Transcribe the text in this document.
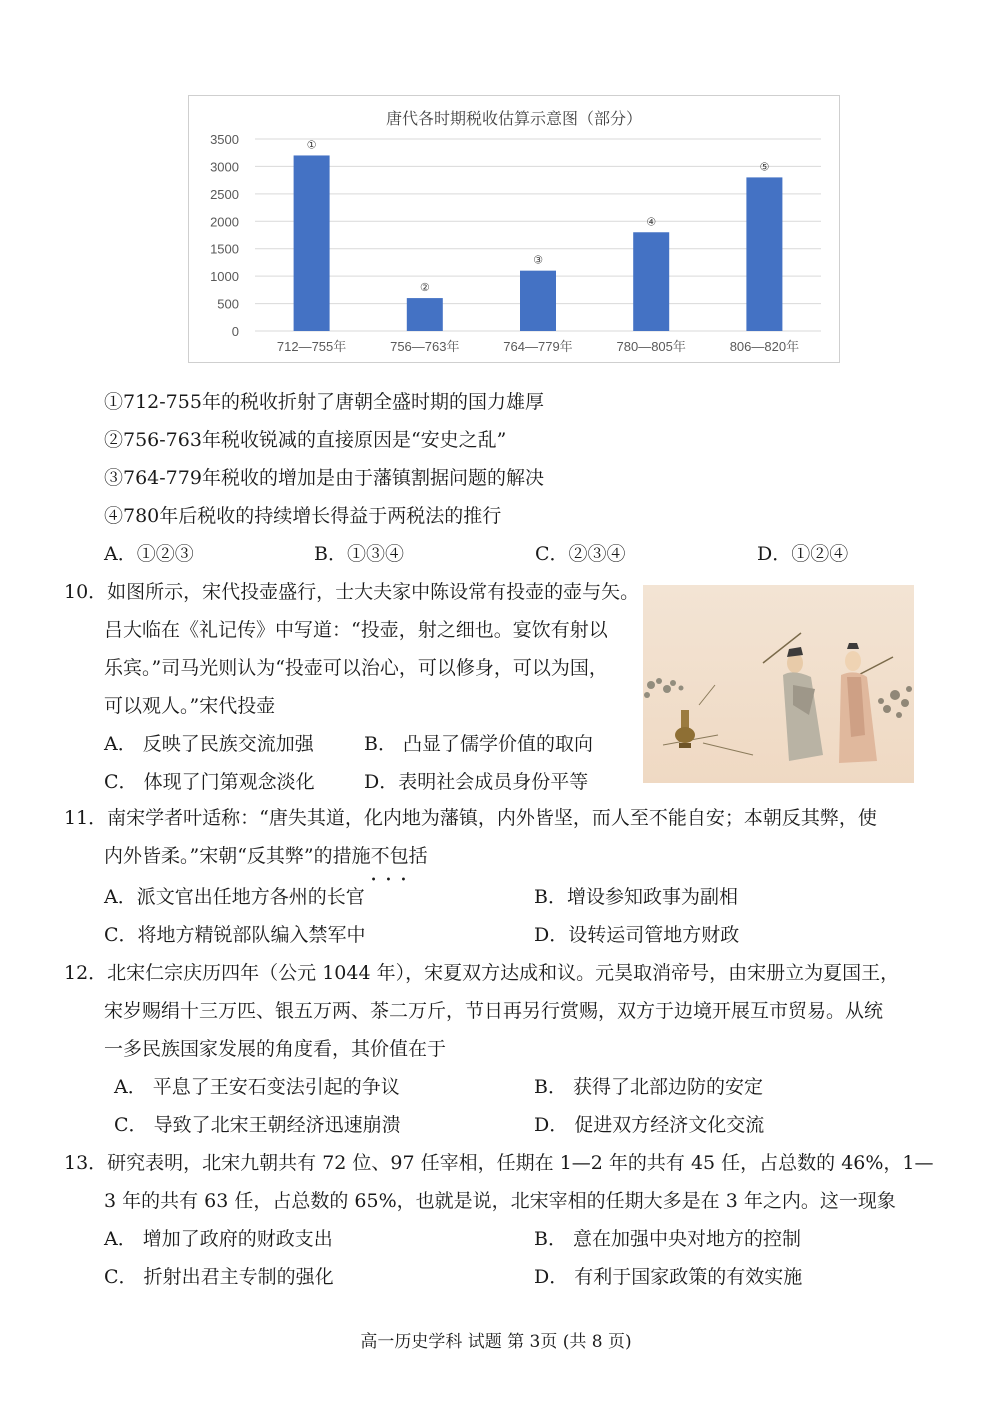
唐代各时期税收估算示意图（部分）
0
500
1000
1500
2000
2500
3000
3500
712—755年	756—763年	764—779年	780—805年	806—820年
①
②
③
④
⑤
①712-755年的税收折射了唐朝全盛时期的国力雄厚
②756-763年税收锐减的直接原因是“安史之乱”
③764-779年税收的增加是由于藩镇割据问题的解决
④780年后税收的持续增长得益于两税法的推行
A．①②③	B．①③④	C．②③④	D．①②④
10．如图所示，宋代投壶盛行，士大夫家中陈设常有投壶的壶与矢。
吕大临在《礼记传》中写道：“投壶，射之细也。宴饮有射以
乐宾。”司马光则认为“投壶可以治心，可以修身，可以为国，
可以观人。”宋代投壶
A． 反映了民族交流加强	B． 凸显了儒学价值的取向
C． 体现了门第观念淡化	D．表明社会成员身份平等
11．南宋学者叶适称：“唐失其道，化内地为藩镇，内外皆坚，而人至不能自安；本朝反其弊，使
内外皆柔。”宋朝“反其弊”的措施不包括
•••
A．派文官出任地方各州的长官	B．增设参知政事为副相
C．将地方精锐部队编入禁军中	D．设转运司管地方财政
12．北宋仁宗庆历四年（公元 1044 年），宋夏双方达成和议。元昊取消帝号，由宋册立为夏国王，
宋岁赐绢十三万匹、银五万两、茶二万斤，节日再另行赏赐，双方于边境开展互市贸易。从统
一多民族国家发展的角度看，其价值在于
A． 平息了王安石变法引起的争议	B． 获得了北部边防的安定
C． 导致了北宋王朝经济迅速崩溃	D． 促进双方经济文化交流
13．研究表明，北宋九朝共有 72 位、97 任宰相，任期在 1—2 年的共有 45 任，占总数的 46%，1—
3 年的共有 63 任，占总数的 65%，也就是说，北宋宰相的任期大多是在 3 年之内。这一现象
A． 增加了政府的财政支出	B． 意在加强中央对地方的控制
C． 折射出君主专制的强化	D． 有利于国家政策的有效实施
高一历史学科 试题 第 3页 (共 8 页)
